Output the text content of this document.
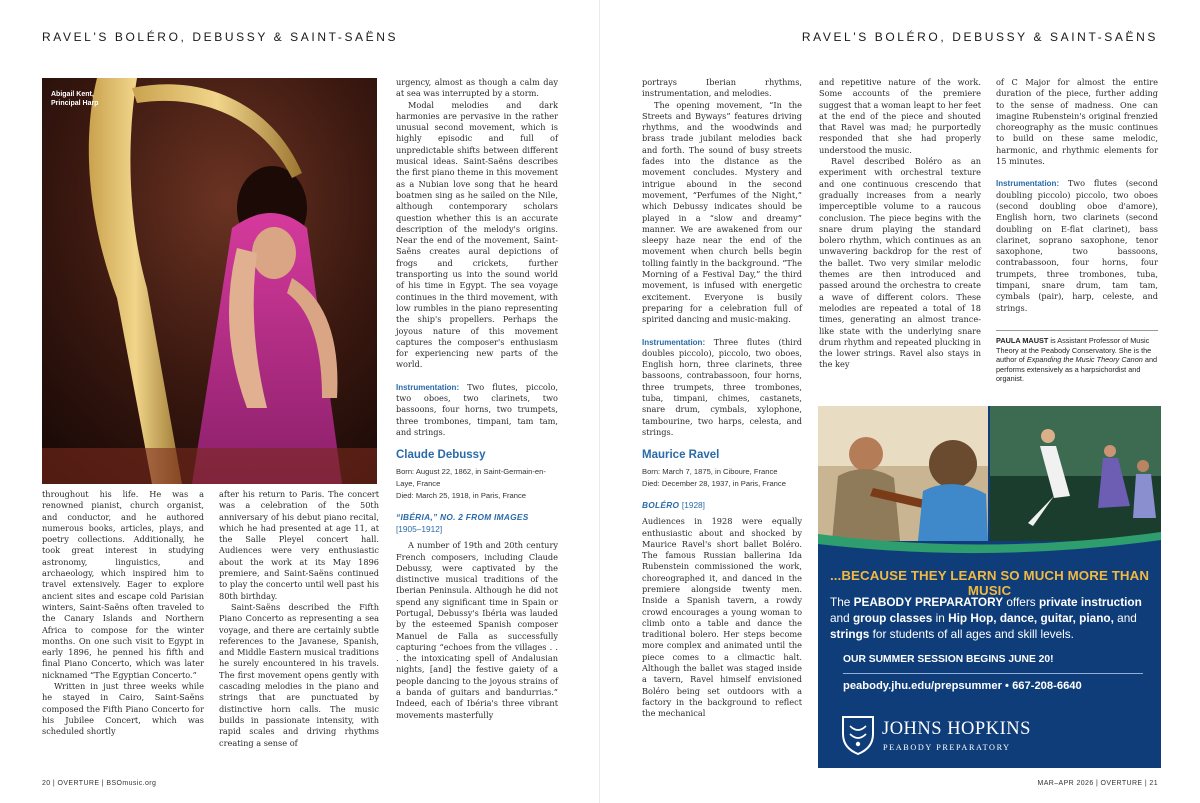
RAVEL'S BOLÉRO, DEBUSSY & SAINT-SAËNS	RAVEL'S BOLÉRO, DEBUSSY & SAINT-SAËNS
Abigail Kent,
Principal Harp

throughout his life. He was a renowned pianist, church organist, and conductor, and he authored numerous books, articles, plays, and poetry collections. Additionally, he took great interest in studying astronomy, linguistics, and archaeology, which inspired him to travel extensively. Eager to explore ancient sites and escape cold Parisian winters, Saint-Saëns often traveled to the Canary Islands and Northern Africa to compose for the winter months. On one such visit to Egypt in early 1896, he penned his fifth and final Piano Concerto, which was later nicknamed “The Egyptian Concerto.”

Written in just three weeks while he stayed in Cairo, Saint-Saëns composed the Fifth Piano Concerto for his Jubilee Concert, which was scheduled shortly

after his return to Paris. The concert was a celebration of the 50th anniversary of his debut piano recital, which he had presented at age 11, at the Salle Pleyel concert hall. Audiences were very enthusiastic about the work at its May 1896 premiere, and Saint-Saëns continued to play the concerto until well past his 80th birthday.

Saint-Saëns described the Fifth Piano Concerto as representing a sea voyage, and there are certainly subtle references to the Javanese, Spanish, and Middle Eastern musical traditions he surely encountered in his travels. The first movement opens gently with cascading melodies in the piano and strings that are punctuated by distinctive horn calls. The music builds in passionate intensity, with rapid scales and driving rhythms creating a sense of

urgency, almost as though a calm day at sea was interrupted by a storm.

Modal melodies and dark harmonies are pervasive in the rather unusual second movement, which is highly episodic and full of unpredictable shifts between different musical ideas. Saint-Saëns describes the first piano theme in this movement as a Nubian love song that he heard boatmen sing as he sailed on the Nile, although contemporary scholars question whether this is an accurate description of the melody's origins. Near the end of the movement, Saint-Saëns creates aural depictions of frogs and crickets, further transporting us into the sound world of his time in Egypt. The sea voyage continues in the third movement, with low rumbles in the piano representing the ship's propellers. Perhaps the joyous nature of this movement captures the composer's enthusiasm for experiencing new parts of the world.

Instrumentation: Two flutes, piccolo, two oboes, two clarinets, two bassoons, four horns, two trumpets, three trombones, timpani, tam tam, and strings.

Claude Debussy
Born: August 22, 1862, in Saint-Germain-en-Laye, France
Died: March 25, 1918, in Paris, France
“IBÉRIA,” NO. 2 FROM IMAGES
[1905–1912]

A number of 19th and 20th century French composers, including Claude Debussy, were captivated by the distinctive musical traditions of the Iberian Peninsula. Although he did not spend any significant time in Spain or Portugal, Debussy's Ibéria was lauded by the esteemed Spanish composer Manuel de Falla as successfully capturing “echoes from the villages . . . the intoxicating spell of Andalusian nights, [and] the festive gaiety of a people dancing to the joyous strains of a banda of guitars and bandurrias.” Indeed, each of Ibéria's three vibrant movements masterfully

portrays Iberian rhythms, instrumentation, and melodies.

The opening movement, “In the Streets and Byways” features driving rhythms, and the woodwinds and brass trade jubilant melodies back and forth. The sound of busy streets fades into the distance as the movement concludes. Mystery and intrigue abound in the second movement, “Perfumes of the Night,” which Debussy indicates should be played in a “slow and dreamy” manner. We are awakened from our sleepy haze near the end of the movement when church bells begin tolling faintly in the background. “The Morning of a Festival Day,” the third movement, is infused with energetic excitement. Everyone is busily preparing for a celebration full of spirited dancing and music-making.

Instrumentation: Three flutes (third doubles piccolo), piccolo, two oboes, English horn, three clarinets, three bassoons, contrabassoon, four horns, three trumpets, three trombones, tuba, timpani, chimes, castanets, snare drum, cymbals, xylophone, tambourine, two harps, celesta, and strings.

Maurice Ravel
Born: March 7, 1875, in Ciboure, France
Died: December 28, 1937, in Paris, France
BOLÉRO [1928]

Audiences in 1928 were equally enthusiastic about and shocked by Maurice Ravel's short ballet Boléro. The famous Russian ballerina Ida Rubenstein commissioned the work, choreographed it, and danced in the premiere alongside twenty men. Inside a Spanish tavern, a rowdy crowd encourages a young woman to climb onto a table and dance the traditional bolero. Her steps become more complex and animated until the piece comes to a climactic halt. Although the ballet was staged inside a tavern, Ravel himself envisioned Boléro being set outdoors with a factory in the background to reflect the mechanical

and repetitive nature of the work. Some accounts of the premiere suggest that a woman leapt to her feet at the end of the piece and shouted that Ravel was mad; he purportedly responded that she had properly understood the music.

Ravel described Boléro as an experiment with orchestral texture and one continuous crescendo that gradually increases from a nearly imperceptible volume to a raucous conclusion. The piece begins with the snare drum playing the standard bolero rhythm, which continues as an unwavering backdrop for the rest of the ballet. Two very similar melodic themes are then introduced and passed around the orchestra to create a wave of different colors. These melodies are repeated a total of 18 times, generating an almost trance-like state with the underlying snare drum rhythm and repeated plucking in the lower strings. Ravel also stays in the key

of C Major for almost the entire duration of the piece, further adding to the sense of madness. One can imagine Rubenstein's original frenzied choreography as the music continues to build on these same melodic, harmonic, and rhythmic elements for 15 minutes.

Instrumentation: Two flutes (second doubling piccolo) piccolo, two oboes (second doubling oboe d'amore), English horn, two clarinets (second doubling on E-flat clarinet), bass clarinet, soprano saxophone, tenor saxophone, two bassoons, contrabassoon, four horns, four trumpets, three trombones, tuba, timpani, snare drum, tam tam, cymbals (pair), harp, celeste, and strings.

PAULA MAUST is Assistant Professor of Music Theory at the Peabody Conservatory. She is the author of Expanding the Music Theory Canon and performs extensively as a harpsichordist and organist.
...BECAUSE THEY LEARN SO MUCH MORE THAN MUSIC
The PEABODY PREPARATORY offers private instruction and group classes in Hip Hop, dance, guitar, piano, and strings for students of all ages and skill levels.
OUR SUMMER SESSION BEGINS JUNE 20!
peabody.jhu.edu/prepsummer • 667-208-6640
JOHNS HOPKINS
PEABODY PREPARATORY
20 | OVERTURE | BSOmusic.org	MAR–APR 2026 | OVERTURE | 21
